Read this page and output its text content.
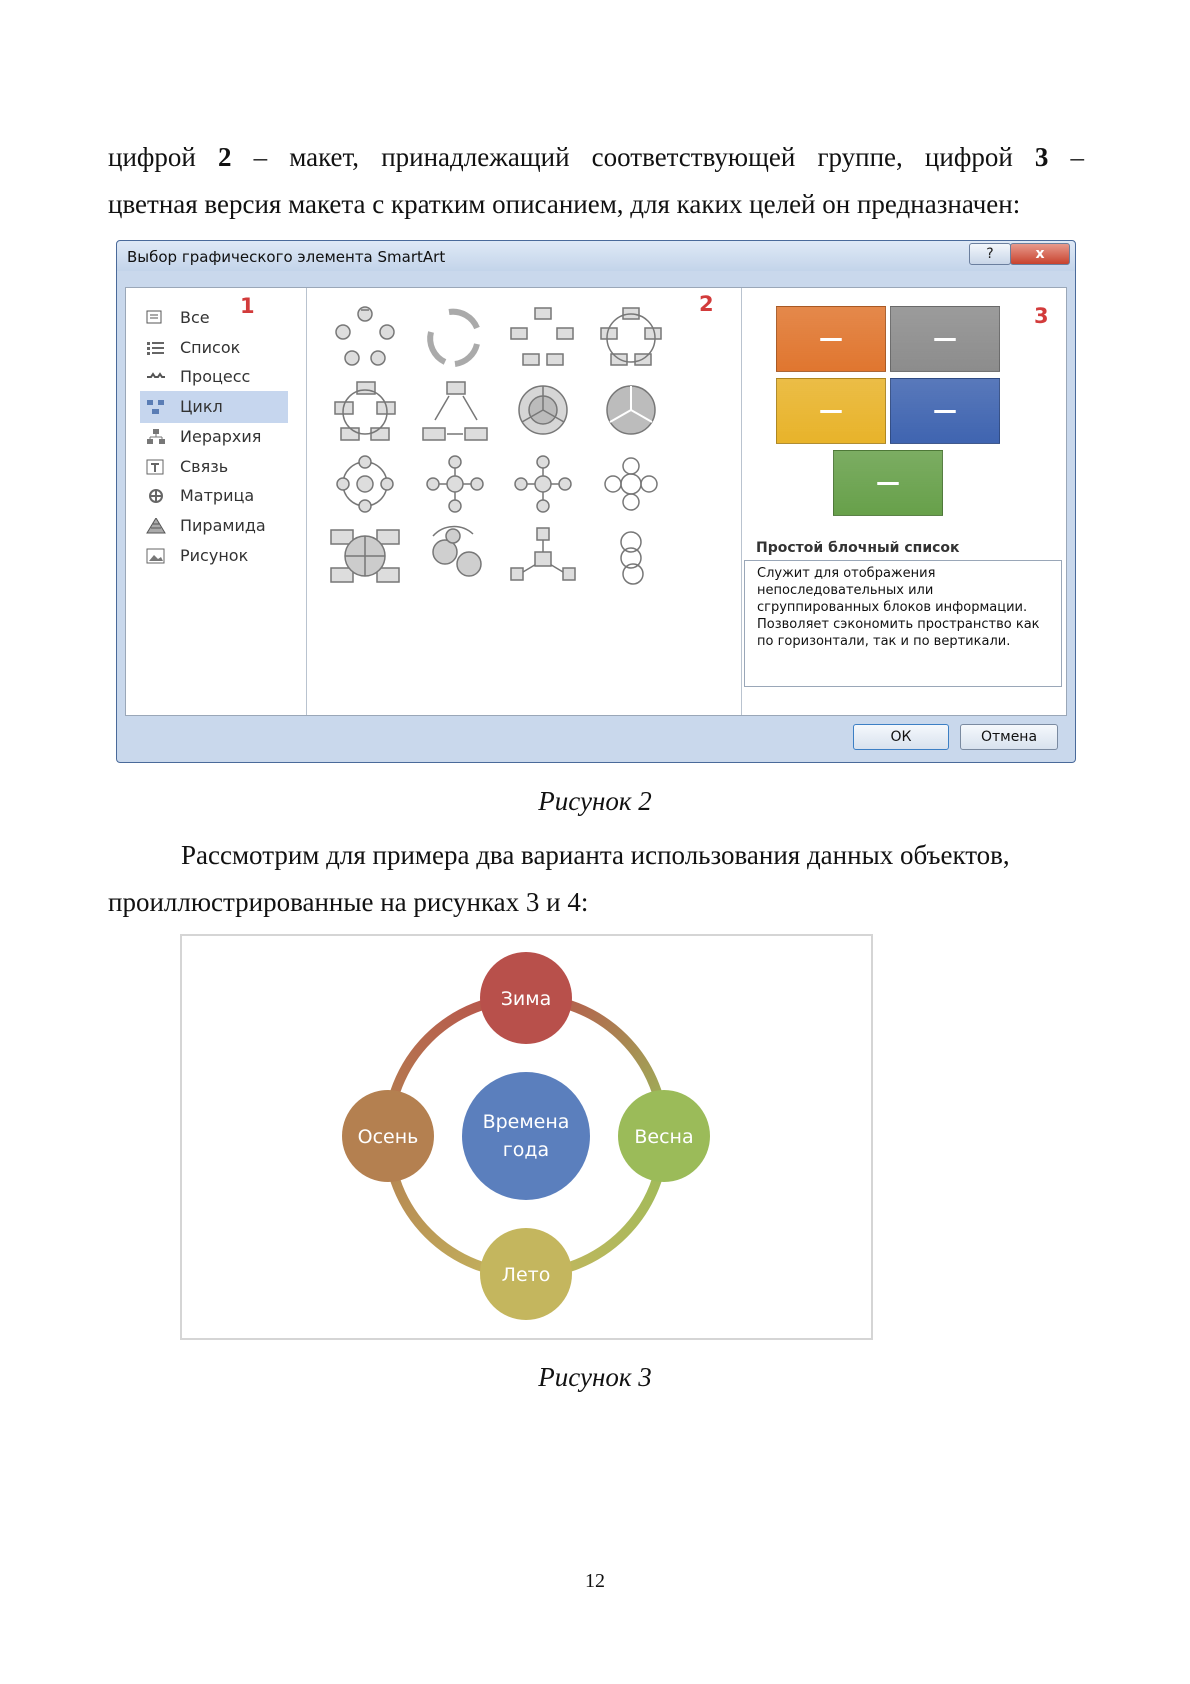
цифрой 2 – макет, принадлежащий соответствующей группе, цифрой 3 –
цветная версия макета с кратким описанием, для каких целей он предназначен:
Выбор графического элемента SmartArt	?	x
1
Все
Список
Процесс
Цикл
Иерархия
Связь
Матрица
Пирамида
Рисунок
2	3
—	—
—	—
—
Простой блочный список
Служит для отображения непоследовательных или сгруппированных блоков информации. Позволяет сэкономить пространство как по горизонтали, так и по вертикали.
ОК	Отмена
Рисунок 2
Рассмотрим для примера два варианта использования данных объектов,
проиллюстрированные на рисунках 3 и 4:
Времена
года
Зима
Весна
Лето
Осень
Рисунок 3
12
